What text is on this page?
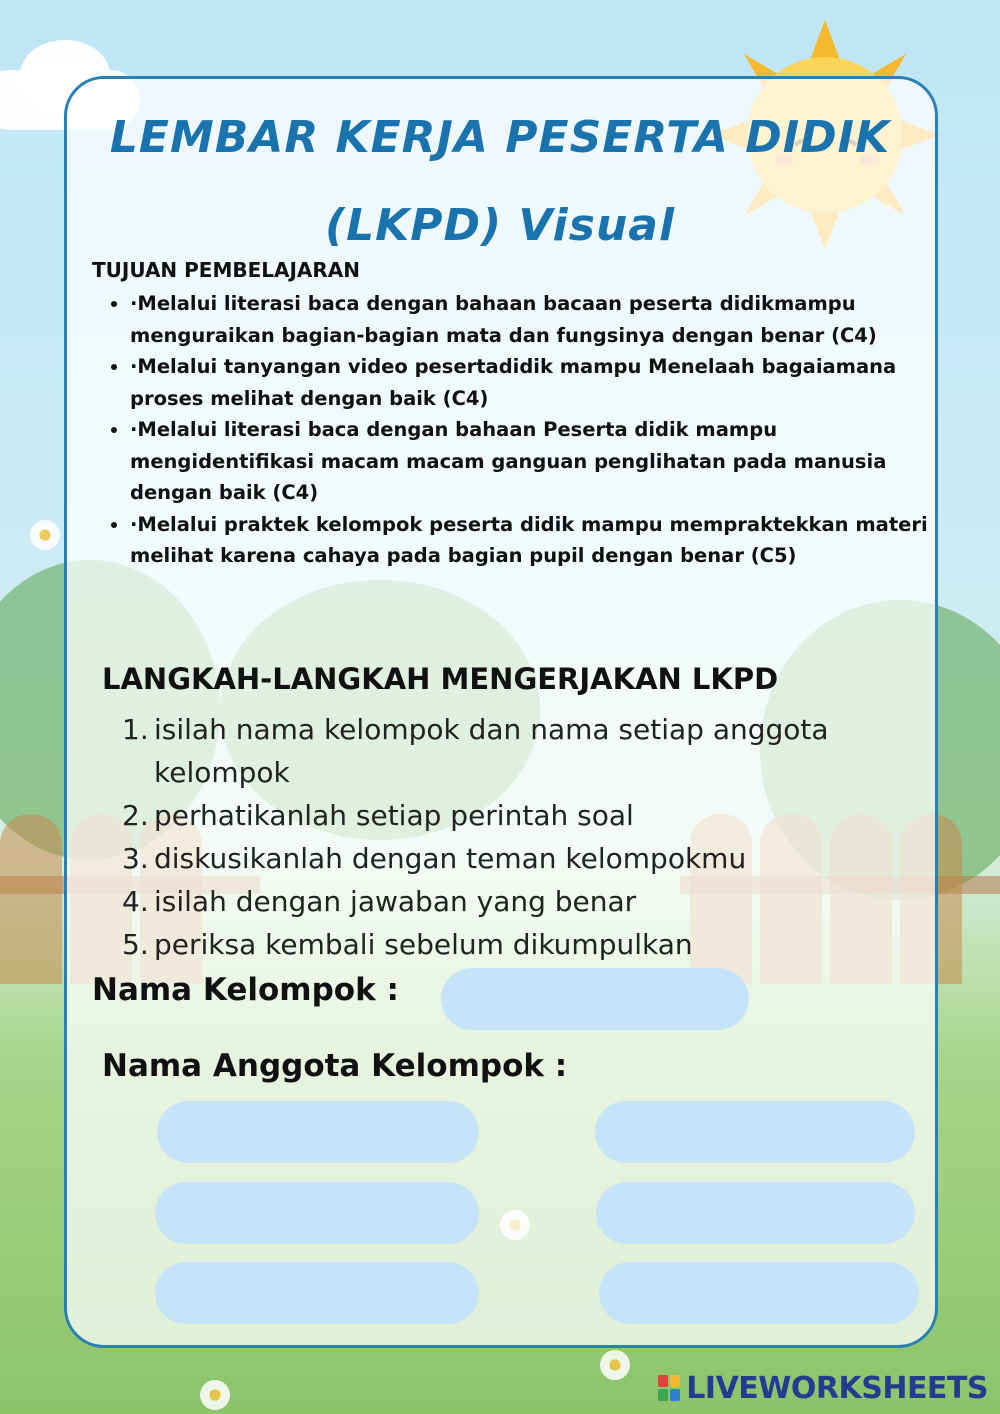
LEMBAR KERJA PESERTA DIDIK
(LKPD) Visual
TUJUAN PEMBELAJARAN
• ·Melalui literasi baca dengan bahaan bacaan peserta didikmampu menguraikan bagian-bagian mata dan fungsinya dengan benar (C4)
• ·Melalui tanyangan video pesertadidik mampu Menelaah bagaiamana proses melihat dengan baik (C4)
• ·Melalui literasi baca dengan bahaan Peserta didik mampu mengidentifikasi macam macam ganguan penglihatan pada manusia dengan baik (C4)
• ·Melalui praktek kelompok peserta didik mampu mempraktekkan materi melihat karena cahaya pada bagian pupil dengan benar (C5)
LANGKAH-LANGKAH MENGERJAKAN LKPD
1. isilah nama kelompok dan nama setiap anggota kelompok
2. perhatikanlah setiap perintah soal
3. diskusikanlah dengan teman kelompokmu
4. isilah dengan jawaban yang benar
5. periksa kembali sebelum dikumpulkan
Nama Kelompok :
Nama Anggota Kelompok :
LIVEWORKSHEETS
